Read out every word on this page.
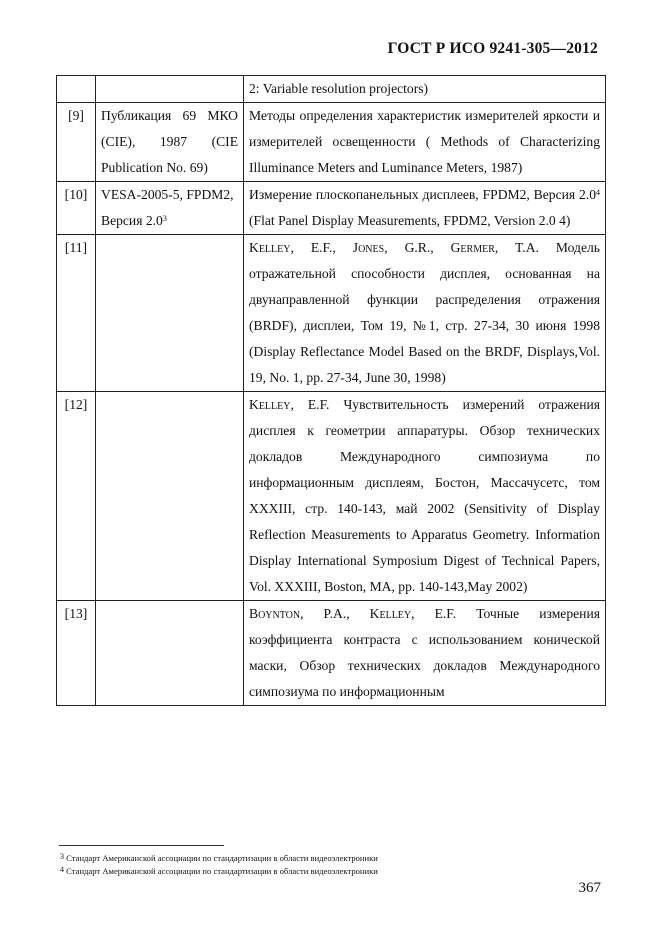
ГОСТ Р ИСО 9241-305—2012
		2: Variable resolution projectors)
[9]	Публикация 69 МКО (CIE), 1987 (CIE Publication No. 69)	Методы определения характеристик измерителей яркости и измерителей освещенности ( Methods of Characterizing Illuminance Meters and Luminance Meters, 1987)
[10]	VESA-2005-5, FPDM2, Версия $2.0^3$	Измерение плоскопанельных дисплеев, FPDM2, Версия $2.0^4$ (Flat Panel Display Measurements, FPDM2, Version 2.0 4)
[11]		Kelley, E.F., Jones, G.R., Germer, T.A. Модель отражательной способности дисплея, основанная на двунаправленной функции распределения отражения (BRDF), дисплеи, Том 19, №1, стр. 27-34, 30 июня 1998 (Display Reflectance Model Based on the BRDF, Displays,Vol. 19, No. 1, pp. 27-34, June 30, 1998)
[12]		Kelley, E.F. Чувствительность измерений отражения дисплея к геометрии аппаратуры. Обзор технических докладов Международного симпозиума по информационным дисплеям, Бостон, Массачусетс, том XXXIII, стр. 140-143, май 2002 (Sensitivity of Display Reflection Measurements to Apparatus Geometry. Information Display International Symposium Digest of Technical Papers, Vol. XXXIII, Boston, MA, pp. 140-143,May 2002)
[13]		Boynton, P.A., Kelley, E.F. Точные измерения коэффициента контраста с использованием конической маски, Обзор технических докладов Международного симпозиума по информационным
$^3$ Стандарт Американской ассоциации по стандартизации в области видеоэлектроники
$^4$ Стандарт Американской ассоциации по стандартизации в области видеоэлектроники
367
